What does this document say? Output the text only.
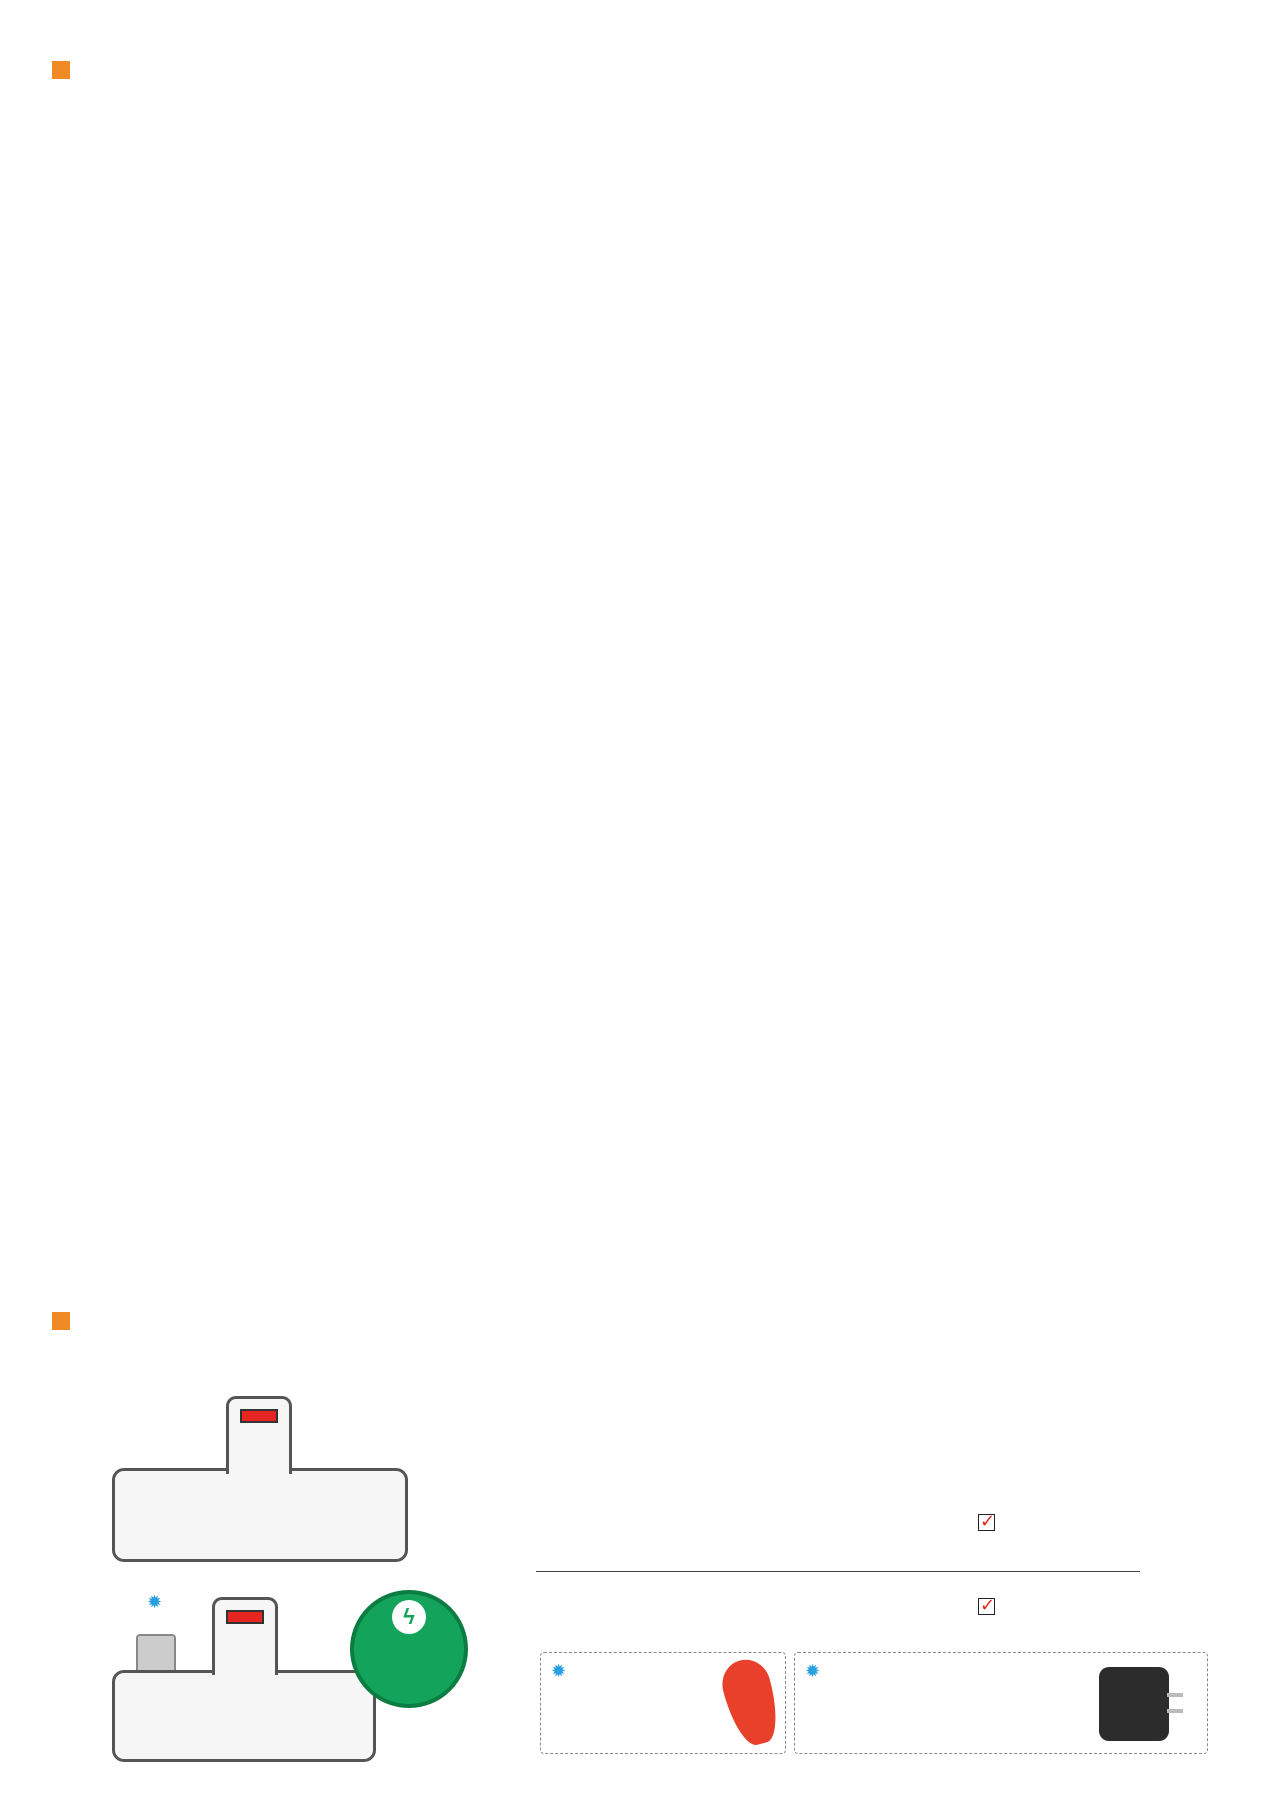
✓
✓
✹
ϟ
✹	✹
